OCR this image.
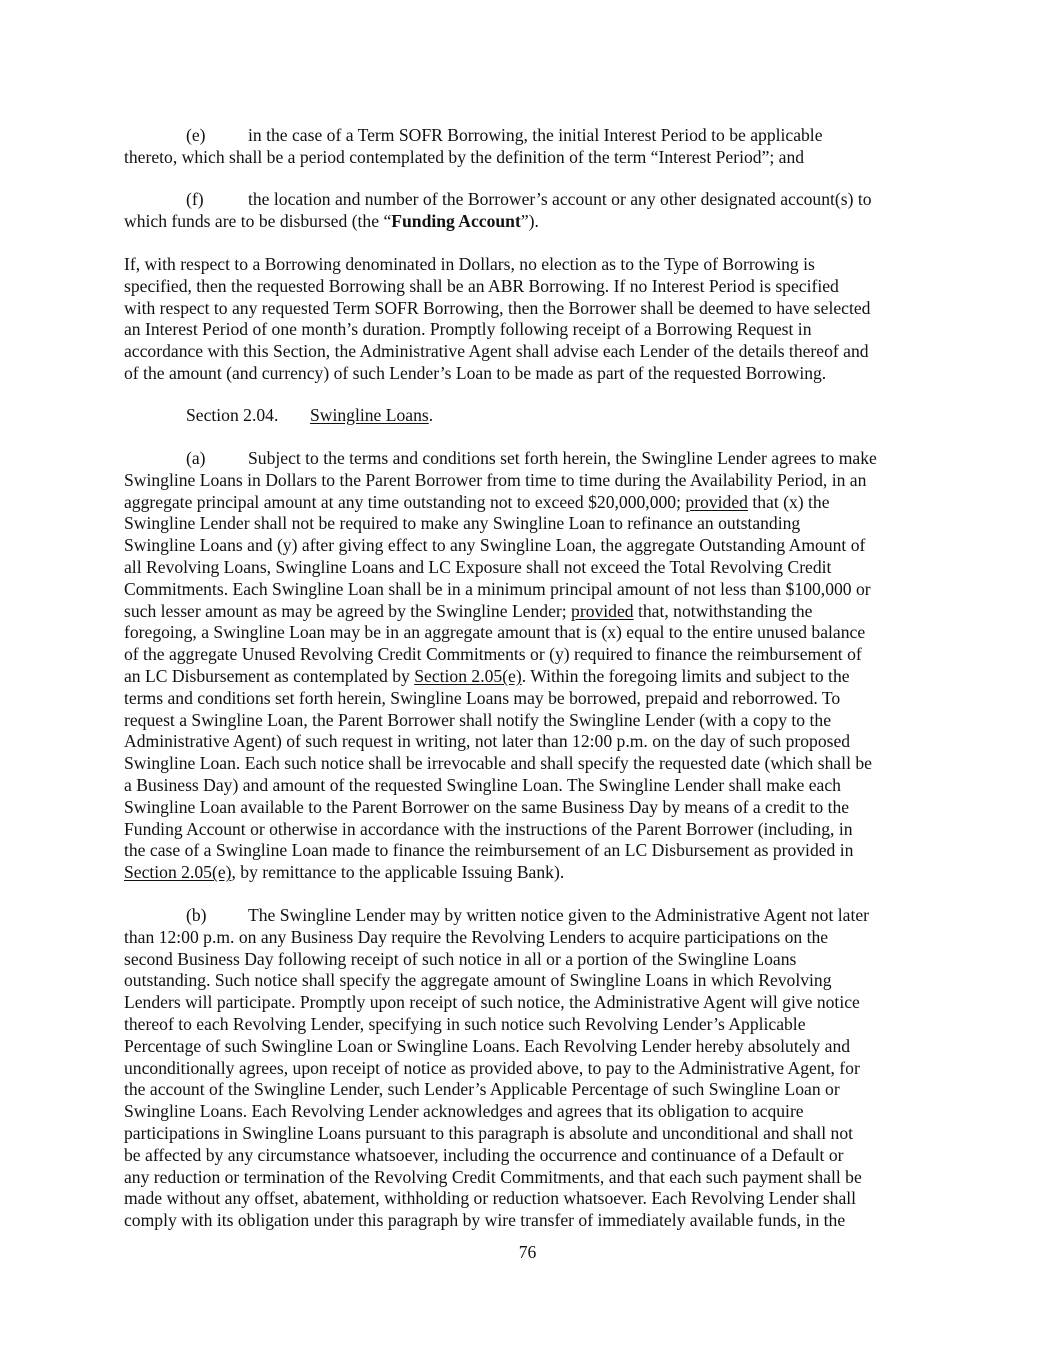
(e) in the case of a Term SOFR Borrowing, the initial Interest Period to be applicable
thereto, which shall be a period contemplated by the definition of the term “Interest Period”; and

(f)	the location and number of the Borrower’s account or any other designated account(s) to
which funds are to be disbursed (the “Funding Account”).

If, with respect to a Borrowing denominated in Dollars, no election as to the Type of Borrowing is
specified, then the requested Borrowing shall be an ABR Borrowing. If no Interest Period is specified
with respect to any requested Term SOFR Borrowing, then the Borrower shall be deemed to have selected
an Interest Period of one month’s duration. Promptly following receipt of a Borrowing Request in
accordance with this Section, the Administrative Agent shall advise each Lender of the details thereof and
of the amount (and currency) of such Lender’s Loan to be made as part of the requested Borrowing.

Section 2.04. Swingline Loans.

(a) Subject to the terms and conditions set forth herein, the Swingline Lender agrees to make
Swingline Loans in Dollars to the Parent Borrower from time to time during the Availability Period, in an
aggregate principal amount at any time outstanding not to exceed $20,000,000; provided that (x) the
Swingline Lender shall not be required to make any Swingline Loan to refinance an outstanding
Swingline Loans and (y) after giving effect to any Swingline Loan, the aggregate Outstanding Amount of
all Revolving Loans, Swingline Loans and LC Exposure shall not exceed the Total Revolving Credit
Commitments. Each Swingline Loan shall be in a minimum principal amount of not less than $100,000 or
such lesser amount as may be agreed by the Swingline Lender; provided that, notwithstanding the
foregoing, a Swingline Loan may be in an aggregate amount that is (x) equal to the entire unused balance
of the aggregate Unused Revolving Credit Commitments or (y) required to finance the reimbursement of
an LC Disbursement as contemplated by Section 2.05(e). Within the foregoing limits and subject to the
terms and conditions set forth herein, Swingline Loans may be borrowed, prepaid and reborrowed. To
request a Swingline Loan, the Parent Borrower shall notify the Swingline Lender (with a copy to the
Administrative Agent) of such request in writing, not later than 12:00 p.m. on the day of such proposed
Swingline Loan. Each such notice shall be irrevocable and shall specify the requested date (which shall be
a Business Day) and amount of the requested Swingline Loan. The Swingline Lender shall make each
Swingline Loan available to the Parent Borrower on the same Business Day by means of a credit to the
Funding Account or otherwise in accordance with the instructions of the Parent Borrower (including, in
the case of a Swingline Loan made to finance the reimbursement of an LC Disbursement as provided in
Section 2.05(e), by remittance to the applicable Issuing Bank).

(b) The Swingline Lender may by written notice given to the Administrative Agent not later
than 12:00 p.m. on any Business Day require the Revolving Lenders to acquire participations on the
second Business Day following receipt of such notice in all or a portion of the Swingline Loans
outstanding. Such notice shall specify the aggregate amount of Swingline Loans in which Revolving
Lenders will participate. Promptly upon receipt of such notice, the Administrative Agent will give notice
thereof to each Revolving Lender, specifying in such notice such Revolving Lender’s Applicable
Percentage of such Swingline Loan or Swingline Loans. Each Revolving Lender hereby absolutely and
unconditionally agrees, upon receipt of notice as provided above, to pay to the Administrative Agent, for
the account of the Swingline Lender, such Lender’s Applicable Percentage of such Swingline Loan or
Swingline Loans. Each Revolving Lender acknowledges and agrees that its obligation to acquire
participations in Swingline Loans pursuant to this paragraph is absolute and unconditional and shall not
be affected by any circumstance whatsoever, including the occurrence and continuance of a Default or
any reduction or termination of the Revolving Credit Commitments, and that each such payment shall be
made without any offset, abatement, withholding or reduction whatsoever. Each Revolving Lender shall
comply with its obligation under this paragraph by wire transfer of immediately available funds, in the

76
